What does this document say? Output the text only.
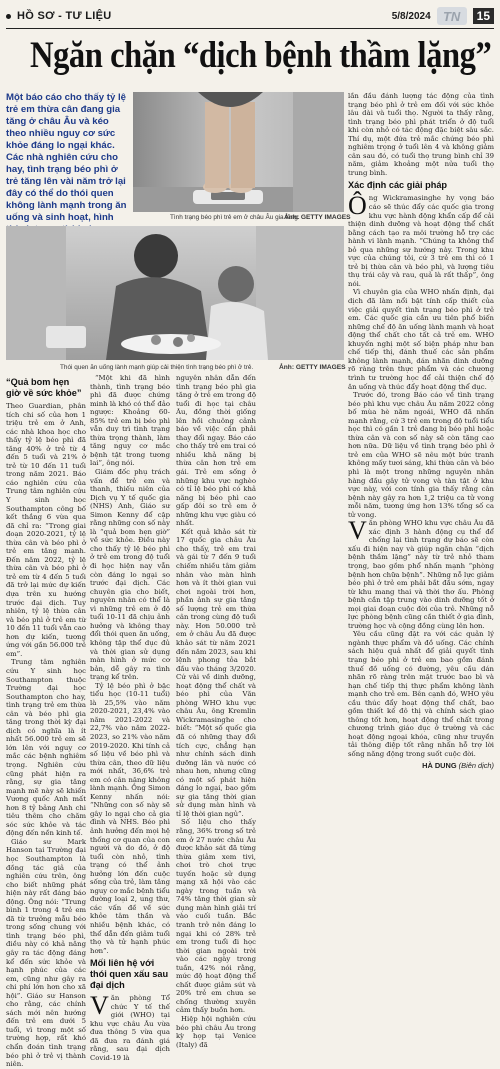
HỒ SƠ - TƯ LIỆU	5/8/2024 TN	15
Ngăn chặn “dịch bệnh thầm lặng”
Một báo cáo cho thấy tỷ lệ trẻ em thừa cân đang gia tăng ở châu Âu và kéo theo nhiều nguy cơ sức khỏe đáng lo ngại khác. Các nhà nghiên cứu cho hay, tình trạng béo phì ở trẻ tăng lên vài năm trở lại đây có thể do thói quen không lành mạnh trong ăn uống và sinh hoạt, hình	Tình trạng béo phì trẻ em ở châu Âu gia tăng.
Ảnh: GETTY IMAGES
Thói quen ăn uống lành mạnh giúp cải thiện tình trạng béo phì ở trẻ.	Ảnh: GETTY IMAGES
“Quả bom hẹn giờ về sức khỏe”

Theo Guardian, phân tích chi số của hơn 1 triệu trẻ em ở Anh, các nhà khoa học cho thấy tỷ lệ béo phì đã tăng 40% ở trẻ từ 4 đến 5 tuổi và 21% ở trẻ từ 10 đến 11 tuổi trong năm 2021. Báo cáo nghiên cứu của Trung tâm nghiên cứu Y sinh học Southampton công bố kết thắng 6 vừa qua đã chỉ ra: “Trong giai đoạn 2020-2021, tỷ lệ thừa cân và béo phì ở trẻ em tăng mạnh. Đến năm 2022, tỷ lệ thừa cân và béo phì ở trẻ em từ 4 đến 5 tuổi đã trở lại mức dự kiến dựa trên xu hướng trước đại dịch. Tuy nhiên, tỷ lệ thừa cân và béo phì ở trẻ em từ 10 đến 11 tuổi vẫn cao hơn dự kiến, tương ứng với gần 56.000 trẻ em”.

Trung tâm nghiên cứu Y sinh học Southampton thuộc Trường đại học Southampton cho hay, tình trạng trẻ em thừa cân và béo phì gia tăng trong thời kỳ đại dịch có nghĩa là ít nhất 56.000 trẻ em sẽ lớn lên với nguy cơ mắc các bệnh nghiêm trọng. Nghiên cứu cũng phát hiện ra rằng, sự gia tăng mạnh mẽ này sẽ khiến Vương quốc Anh mất hơn 8 tỷ bảng Anh chi tiêu thêm cho chăm sóc sức khỏe và tác động đến nền kinh tế.

Giáo sư Mark Hanson tại Trường đại học Southampton là đồng tác giả của nghiên cứu trên, ông cho biết những phát hiện này rất đáng báo động. Ông nói: “Trung bình 1 trong 4 trẻ em đã từ trưởng mẫu béo trong sống chung với tình trạng béo phì, điều này có khả năng gây ra tác động đáng kể đến sức khỏe và hạnh phúc của các em, cũng như gây ra chi phí lớn hơn cho xã hội”. Giáo sư Hanson cho rằng, các chính sách mới nên hướng đến trẻ em dưới 5 tuổi, vì trong một số trường hợp, rất khó chẩn đoán tình trạng béo phì ở trẻ vị thành niên.

“Một khi đã hình thành, tình trạng béo phì đã được chứng minh là khó có thể đảo ngược: Khoảng 60-85% trẻ em bị béo phì vẫn duy trì tình trạng thừa trọng thành, làm tăng nguy cơ mắc bệnh tật trong tương lai”, ông nói.

Giám đốc phụ trách vấn đề trẻ em và thanh, thiếu niên của Dịch vụ Y tế quốc gia (NHS) Anh, Giáo sư Simon Kenny để cập rằng những con số này là “quả bom hẹn giờ” về sức khỏe. Điều này cho thấy tỷ lệ béo phì ở trẻ em trong độ tuổi đi học hiện nay vẫn còn đáng lo ngại so trước đại dịch. Các chuyên gia cho biết, nguyên nhân có thể là vì những trẻ em ở độ tuổi 10-11 đã chịu ảnh hưởng và không thay đổi thói quen ăn uống, không tập thể dục đủ và thời gian sử dụng màn hình ở mức cơ bản, dễ gây ra tình trạng kể trên.

Tỷ lệ béo phì ở bậc tiểu học (10-11 tuổi) là 25,5% vào năm 2020-2021, 23,4% vào năm 2021-2022 và 22,7% vào năm 2022-2023, so 21% vào năm 2019-2020. Khi tính cả số liệu về béo phì và thừa cân, theo dữ liệu mới nhất, 36,6% trẻ em có cân nặng không lành mạnh. Ông Simon Kenny nhấn nói: “Những con số này sẽ gây lo ngại cho cả gia đình và NHS. Béo phì ảnh hưởng đến mọi hệ thống cơ quan của con người và do đó, ở độ tuổi còn nhỏ, tình trạng có thể ảnh hưởng lớn đến cuộc sống của trẻ, làm tăng nguy cơ mắc bệnh tiểu đường loại 2, ung thư, các vấn đề về sức khỏe tâm thần và nhiều bệnh khác, có thể dẫn đến giảm tuổi thọ và tử hạnh phúc hơn”.

Mối liên hệ với thói quen xấu sau đại dịch

Văn phòng Tổ chức Y tế thế giới (WHO) tại khu vực châu Âu vừa đưa thông 5 vừa qua đã đưa ra đánh giá rằng, sau đại dịch Covid-19 là

nguyên nhân dẫn đến tình trạng béo phì gia tăng ở trẻ em trong độ tuổi đi học tại châu Âu, đồng thời giống lên hồi chuông cảnh báo về việc cần phải thay đổi ngay. Báo cáo cho thấy trẻ em trai có nhiều khả năng bị thừa cân hơn trẻ em gái. Trẻ em sống ở những khu vực nghèo có tỉ lệ béo phì có khả năng bị béo phì cao gấp đôi so trẻ em ở những khu vực giàu có nhất.

Kết quả khảo sát từ 17 quốc gia châu Âu cho thấy, trẻ em trai và gái từ 7 đến 9 tuổi chiếm nhiều tâm giảm nhân vào màn hình hơn và ít thời gian vui chơi ngoài trời hơn, phần ảnh sự gia tăng số lượng trẻ em thừa cân trong cùng độ tuổi này. Hơn 50.000 trẻ em ở châu Âu đã được khảo sát từ năm 2021 đến năm 2023, sau khi lệnh phong tỏa bắt đầu vào tháng 3/2020. Cứ vài về dinh dưỡng, hoạt động thể chất và béo phì của Văn phòng WHO khu vực châu Âu, ông Kremlin Wickramasinghe cho biết: “Một số quốc gia đã có những thay đổi tích cực, chẳng hạn như chính sách dinh dưỡng lân và nước có nhau hơn, nhưng cũng có một số phát hiện đáng lo ngại, bao gồm sự gia tăng thời gian sử dụng màn hình và tỉ lệ thời gian ngủ”.

Số liệu cho thấy rằng, 36% trong số trẻ em ở 27 nước châu Âu được khảo sát đã từng thừa giảm xem tivi, chơi trò chơi trực tuyến hoặc sử dụng mạng xã hội vào các ngày trong tuần và 74% tăng thời gian sử dụng màn hình giải trí vào cuối tuần. Bắc tranh trở nên đáng lo ngại khi có 28% trẻ em trong tuổi đi học thời gian ngoài trời vào các ngày trong tuần, 42% nói rằng, mức độ hoạt động thể chất được giảm sút và 20% trẻ em chưa se chống thường xuyên cảm thấy buồn hơn.

Hiệp hội nghiên cứu béo phì châu Âu trong kỳ họp tại Venice (Italy) đã

lần đầu đánh lượng tác động của tình trạng béo phì ở trẻ em đối với sức khỏe lâu dài và tuổi thọ. Người ta thấy rằng, tình trạng béo phì phát triển ở độ tuổi khi còn nhỏ có tác động đặc biệt sâu sắc. Thí dụ, một đứa trẻ mắc chứng béo phì nghiêm trọng ở tuổi lên 4 và không giảm cân sau đó, có tuổi thọ trung bình chỉ 39 năm, giảm khoảng một nửa tuổi thọ trung bình.

Xác định các giải pháp

Ông Wickramasinghe hy vọng báo cáo sẽ thúc đẩy các quốc gia trong khu vực hành động khẩn cấp để cải thiện dinh dưỡng và hoạt động thể chất bằng cách tạo ra môi trường hỗ trợ các hành vi lành mạnh. “Chúng ta không thể bỏ qua những sự hướng này. Trong khu vực của chúng tôi, cứ 3 trẻ em thì có 1 trẻ bị thừa cân và béo phì, và lượng tiêu thụ trái cây và rau, quả là rất thấp”, ông nói.

Vì chuyên gia của WHO nhấn định, đại dịch đã làm nổi bật tính cấp thiết của việc giải quyết tình trạng béo phì ở trẻ em. Các quốc gia cần ưu tiên phổ biến những chế độ ăn uống lành mạnh và hoạt động thể chất cho tất cả trẻ em. WHO khuyến nghị một số biện pháp như ban chế tiếp thị, đánh thuế các sản phẩm không lành mạnh, dán nhãn dinh dưỡng rõ ràng trên thực phẩm và các chương trình tư trường học để cải thiện chế độ ăn uống và thúc đẩy hoạt động thể dục.

Trước đó, trong Báo cáo về tình trạng béo phì khu vực châu Âu năm 2022 công bố mùa hè năm ngoái, WHO đã nhấn mạnh rằng, cứ 3 trẻ em trong độ tuổi tiểu học thì có gần 1 trẻ đang bị béo phì hoặc thừa cân và con số này sẽ còn tăng cao hơn nữa. Dữ liệu về tình trạng béo phì ở trẻ em của WHO sẽ nêu một bức tranh không mấy tươi sáng, khi thừa cân và béo phì là một trong những nguyên nhân hàng đầu gây tử vong và tàn tật ở khu vực này, với con tính gia thấy rằng cân bệnh này gây ra hơn 1,2 triệu ca tử vong mỗi năm, tương ứng hơn 13% tổng số ca tử vong.

Văn phòng WHO khu vực châu Âu đã xác định 3 hành động cụ thể để chống lại tình trạng dự báo sẽ còn xấu đi hiện nay và giúp ngăn chặn “dịch bệnh thầm lặng” này từ trẻ nhỏ tham trọng, bao gồm phổ nhấn mạnh “phòng bệnh hơn chữa bệnh”. Những nỗ lực giảm béo phì ở trẻ em phải bắt đầu sớm, ngay từ khu mang thai và thời thơ ấu. Phòng bệnh cần tập trung vào dinh dưỡng tốt ở mọi giai đoạn cuộc đời của trẻ. Những nỗ lực phòng bệnh cũng cần thiết ở gia đình, trường học và cộng đồng cùng lên hơn.

Yêu cầu cũng đặt ra với các quản lý ngành thực phẩm và đồ uống. Các chính sách hiệu quả nhất để giải quyết tình trạng béo phì ở trẻ em bao gồm đánh thuế đồ uống có đường, yêu cầu dán nhãn rõ ràng trên mặt trước bao bì và hạn chế tiếp thị thực phẩm không lành mạnh cho trẻ em. Bên cạnh đó, WHO yêu cầu thúc đẩy hoạt động thể chất, bao gồm thiết kế đô thị và chính sách giao thông tốt hơn, hoạt động thể chất trong chương trình giáo dục ở trường và các hoạt động ngoại khóa, cũng như truyền tải thông điệp tốt rằng nhấn hỗ trợ lời sống năng động trong suốt cuộc đời.

HÀ DUNG (Biên dịch)
